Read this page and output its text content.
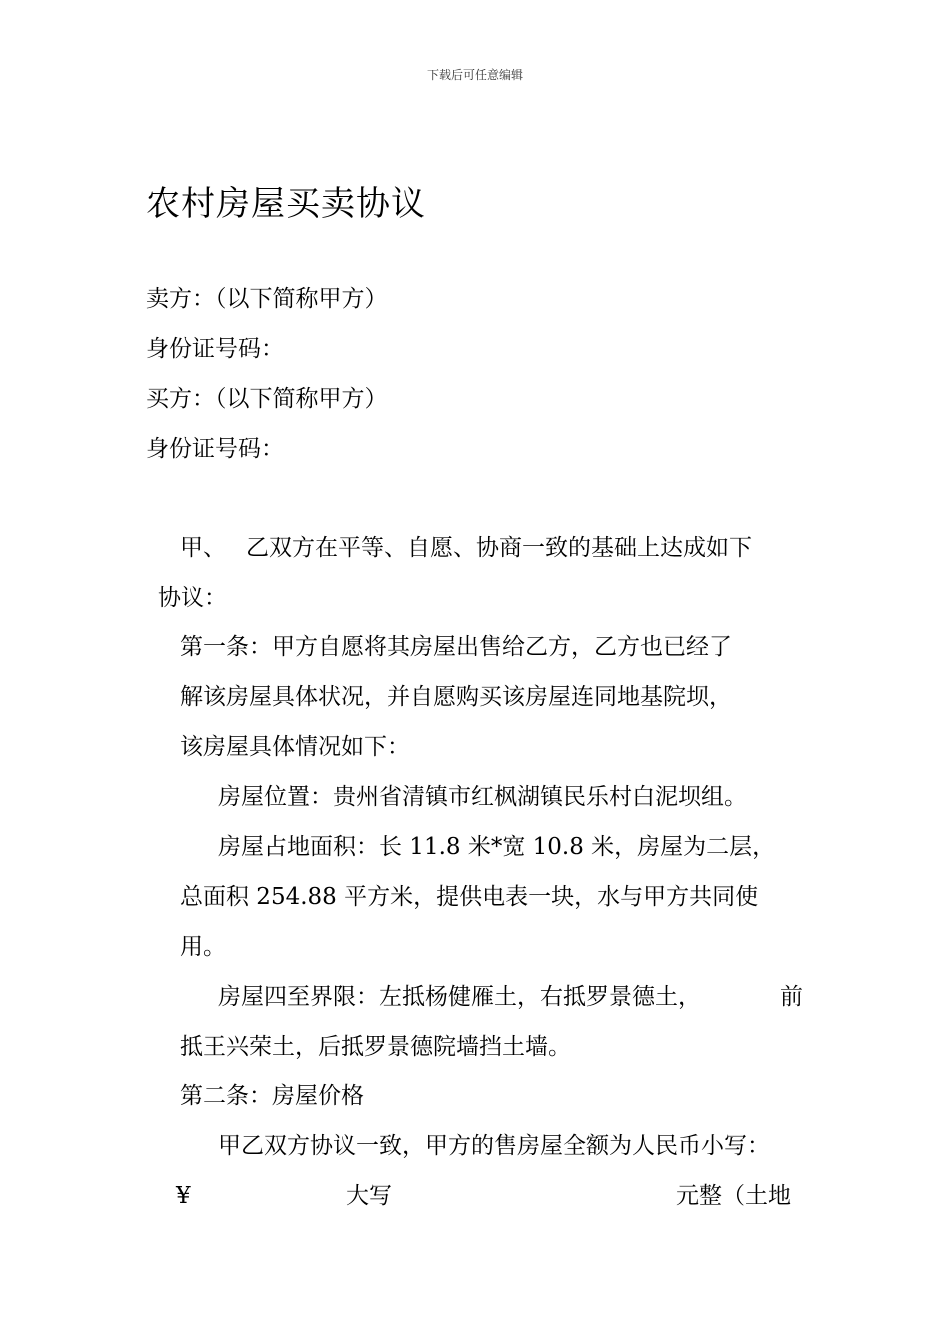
下载后可任意编辑
农村房屋买卖协议
卖方：（以下简称甲方）
身份证号码：
买方：（以下简称甲方）
身份证号码：
甲、 乙双方在平等、自愿、协商一致的基础上达成如下
协议：
第一条：甲方自愿将其房屋出售给乙方，乙方也已经了
解该房屋具体状况，并自愿购买该房屋连同地基院坝，
该房屋具体情况如下：
房屋位置：贵州省清镇市红枫湖镇民乐村白泥坝组。
房屋占地面积：长 11.8 米*宽 10.8 米，房屋为二层，
总面积 254.88 平方米，提供电表一块，水与甲方共同使
用。
房屋四至界限：左抵杨健雁土，右抵罗景德土，	前
抵王兴荣土，后抵罗景德院墙挡土墙。
第二条：房屋价格
甲乙双方协议一致，甲方的售房屋全额为人民币小写：
¥	大写	元整（土地
